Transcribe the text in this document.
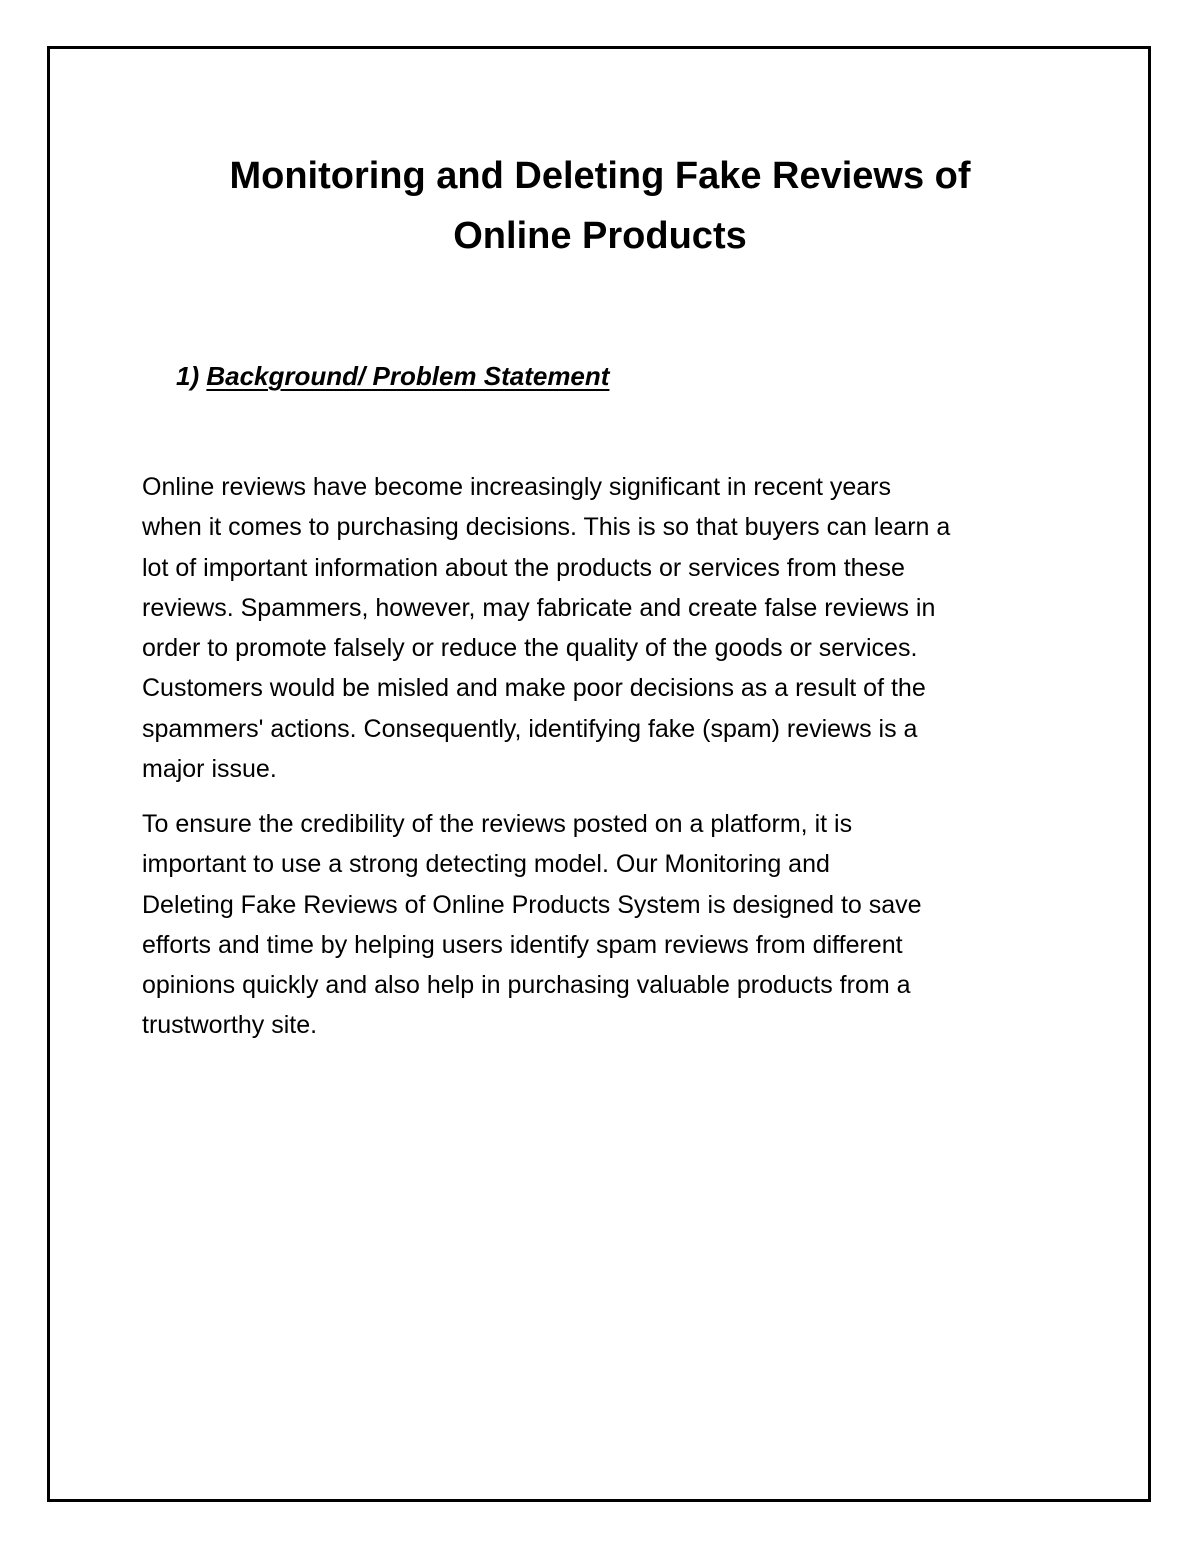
Monitoring and Deleting Fake Reviews of
Online Products
1) Background/ Problem Statement

Online reviews have become increasingly significant in recent years
when it comes to purchasing decisions. This is so that buyers can learn a
lot of important information about the products or services from these
reviews. Spammers, however, may fabricate and create false reviews in
order to promote falsely or reduce the quality of the goods or services.
Customers would be misled and make poor decisions as a result of the
spammers' actions. Consequently, identifying fake (spam) reviews is a
major issue.

To ensure the credibility of the reviews posted on a platform, it is
important to use a strong detecting model. Our Monitoring and
Deleting Fake Reviews of Online Products System is designed to save
efforts and time by helping users identify spam reviews from different
opinions quickly and also help in purchasing valuable products from a
trustworthy site.
